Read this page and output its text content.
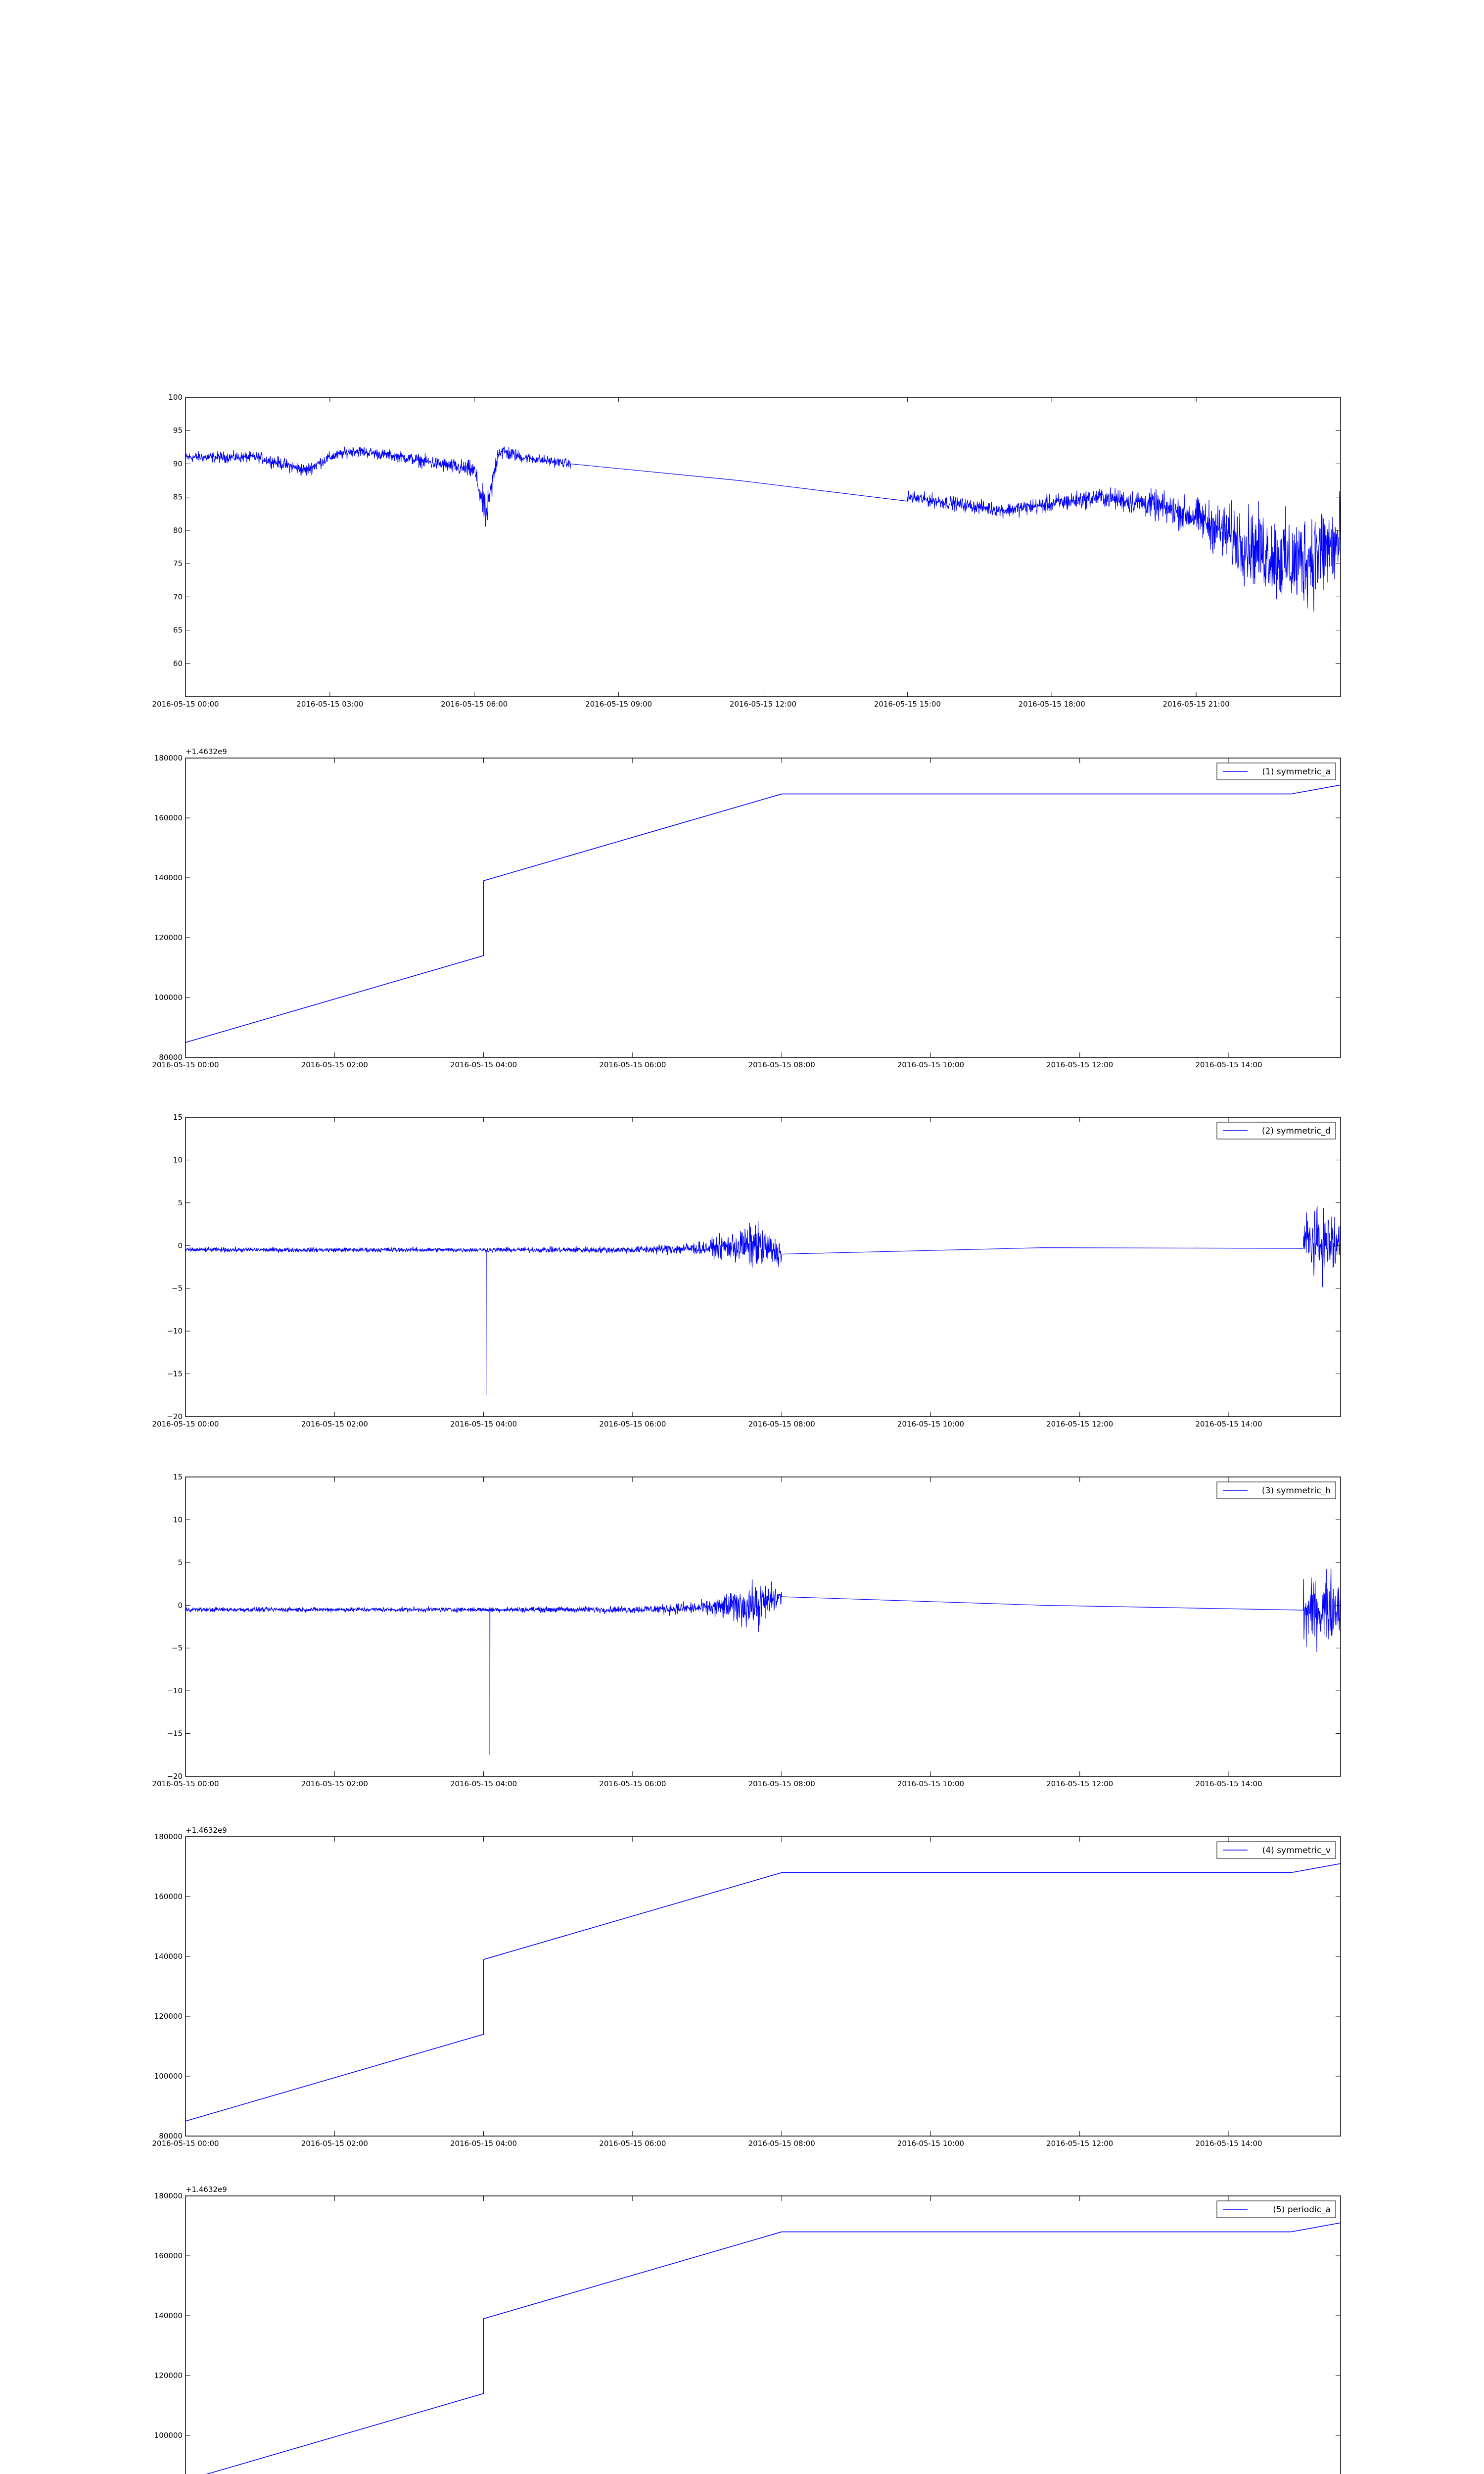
60
65
70
75
80
85
90
95
100
2016-05-15 00:00	2016-05-15 03:00	2016-05-15 06:00	2016-05-15 09:00	2016-05-15 12:00	2016-05-15 15:00	2016-05-15 18:00	2016-05-15 21:00
80000
100000
120000
140000
160000
180000
2016-05-15 00:00	2016-05-15 02:00	2016-05-15 04:00	2016-05-15 06:00	2016-05-15 08:00	2016-05-15 10:00	2016-05-15 12:00	2016-05-15 14:00
+1.4632e9
(1) symmetric_a
−20
−15
−10
−5
0
5
10
15
2016-05-15 00:00	2016-05-15 02:00	2016-05-15 04:00	2016-05-15 06:00	2016-05-15 08:00	2016-05-15 10:00	2016-05-15 12:00	2016-05-15 14:00
(2) symmetric_d
−20
−15
−10
−5
0
5
10
15
2016-05-15 00:00	2016-05-15 02:00	2016-05-15 04:00	2016-05-15 06:00	2016-05-15 08:00	2016-05-15 10:00	2016-05-15 12:00	2016-05-15 14:00
(3) symmetric_h
80000
100000
120000
140000
160000
180000
2016-05-15 00:00	2016-05-15 02:00	2016-05-15 04:00	2016-05-15 06:00	2016-05-15 08:00	2016-05-15 10:00	2016-05-15 12:00	2016-05-15 14:00
+1.4632e9
(4) symmetric_v
100000
120000
140000
160000
180000
+1.4632e9
(5) periodic_a
